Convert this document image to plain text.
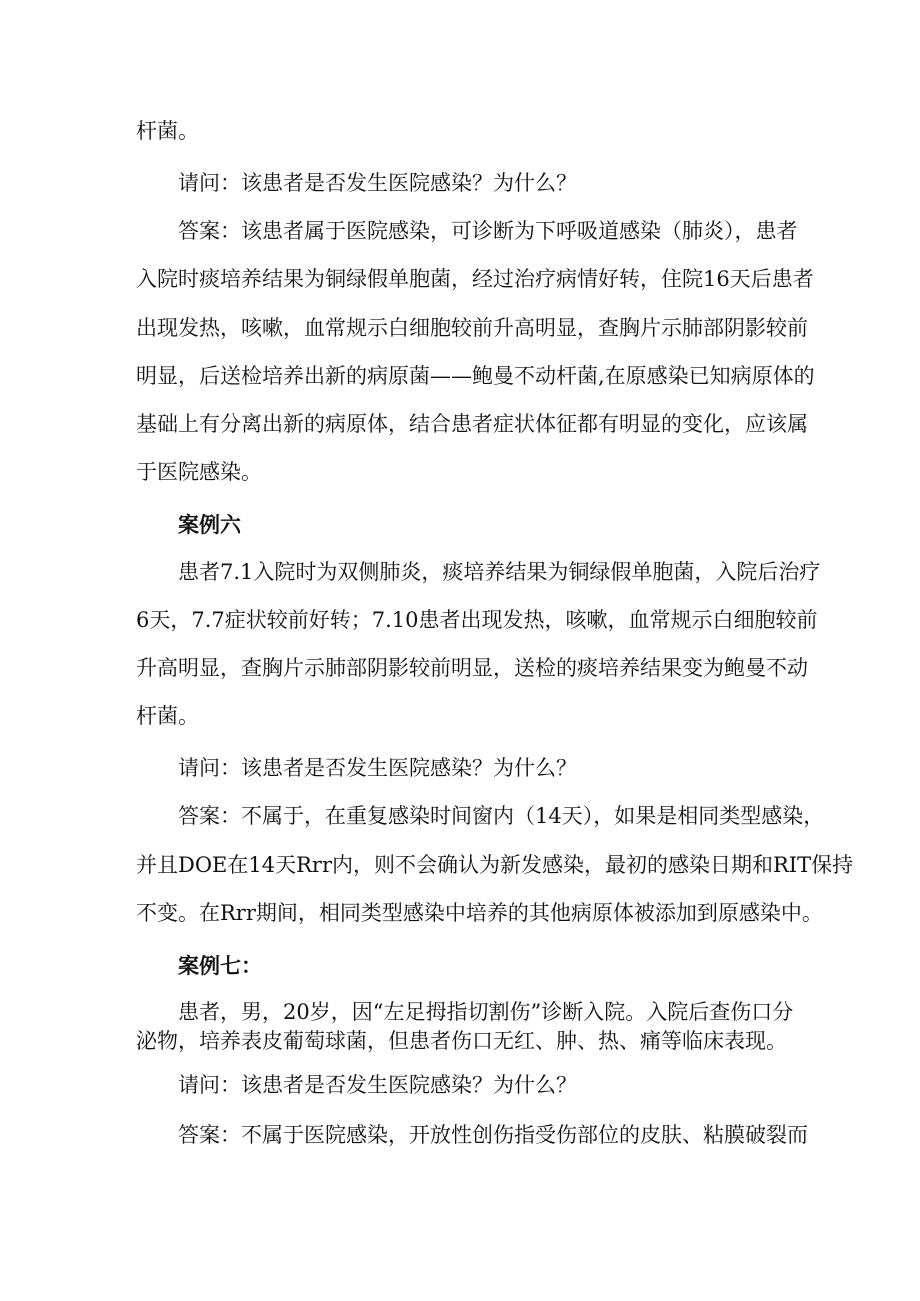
杆菌。
请问：该患者是否发生医院感染？为什么？
答案：该患者属于医院感染，可诊断为下呼吸道感染（肺炎），患者
入院时痰培养结果为铜绿假单胞菌，经过治疗病情好转，住院16天后患者
出现发热，咳嗽，血常规示白细胞较前升高明显，查胸片示肺部阴影较前
明显，后送检培养出新的病原菌——鲍曼不动杆菌,在原感染已知病原体的
基础上有分离出新的病原体，结合患者症状体征都有明显的变化，应该属
于医院感染。
案例六
患者7.1入院时为双侧肺炎，痰培养结果为铜绿假单胞菌，入院后治疗
6天，7.7症状较前好转；7.10患者出现发热，咳嗽，血常规示白细胞较前
升高明显，查胸片示肺部阴影较前明显，送检的痰培养结果变为鲍曼不动
杆菌。
请问：该患者是否发生医院感染？为什么？
答案：不属于，在重复感染时间窗内（14天），如果是相同类型感染，
并且DOE在14天Rrr内，则不会确认为新发感染，最初的感染日期和RIT保持
不变。在Rrr期间，相同类型感染中培养的其他病原体被添加到原感染中。
案例七：
患者，男，20岁，因“左足拇指切割伤”诊断入院。入院后查伤口分
泌物，培养表皮葡萄球菌，但患者伤口无红、肿、热、痛等临床表现。
请问：该患者是否发生医院感染？为什么？
答案：不属于医院感染，开放性创伤指受伤部位的皮肤、粘膜破裂而
